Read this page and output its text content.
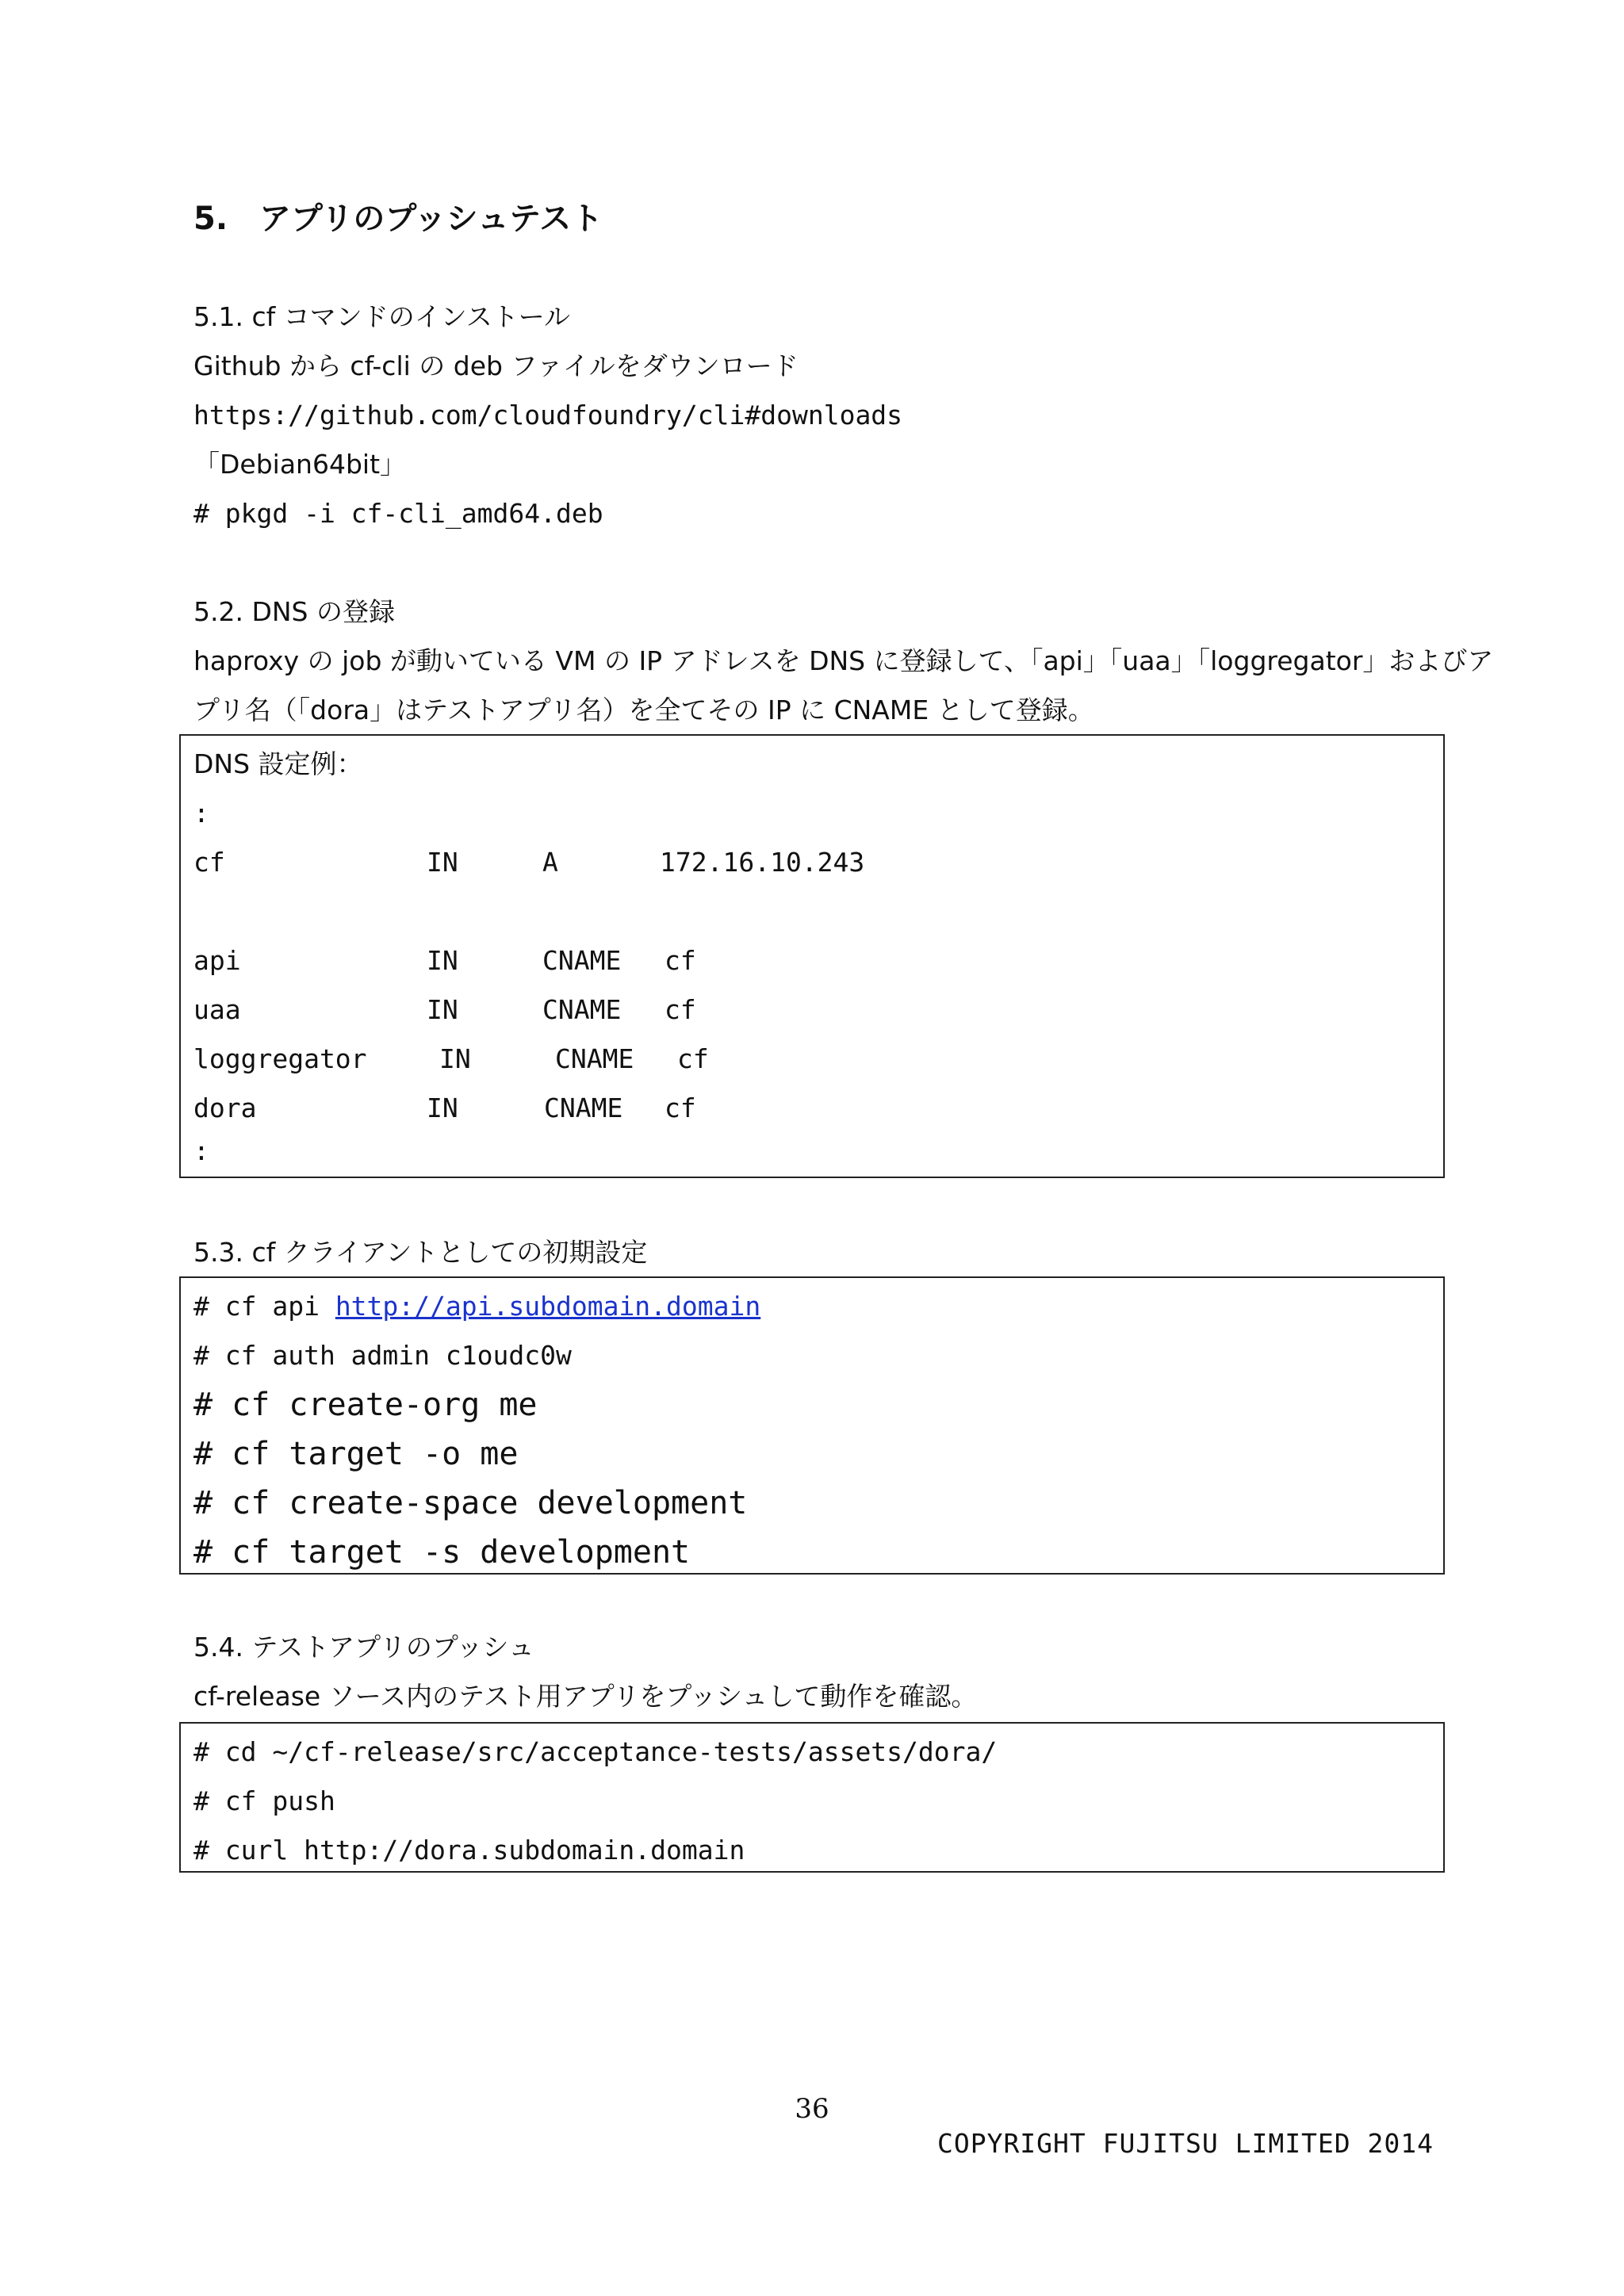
5.　アプリのプッシュテスト
5.1. cf コマンドのインストール
Github から cf-cli の deb ファイルをダウンロード
https://github.com/cloudfoundry/cli#downloads
「Debian64bit」
# pkgd -i cf-cli_amd64.deb
5.2. DNS の登録
haproxy の job が動いている VM の IP アドレスを DNS に登録して、「api」「uaa」「loggregator」およびア
プリ名（「dora」はテストアプリ名）を全てその IP に CNAME として登録。
DNS 設定例：
:
cf	IN	A	172.16.10.243
api	IN	CNAME cf
uaa	IN	CNAME cf
loggregator	IN	CNAME cf
dora	IN	CNAME cf
:
5.3. cf クライアントとしての初期設定
# cf api http://api.subdomain.domain
# cf auth admin c1oudc0w
# cf create-org me
# cf target -o me
# cf create-space development
# cf target -s development
5.4. テストアプリのプッシュ
cf-release ソース内のテスト用アプリをプッシュして動作を確認。
# cd ~/cf-release/src/acceptance-tests/assets/dora/
# cf push
# curl http://dora.subdomain.domain
36
COPYRIGHT FUJITSU LIMITED 2014
